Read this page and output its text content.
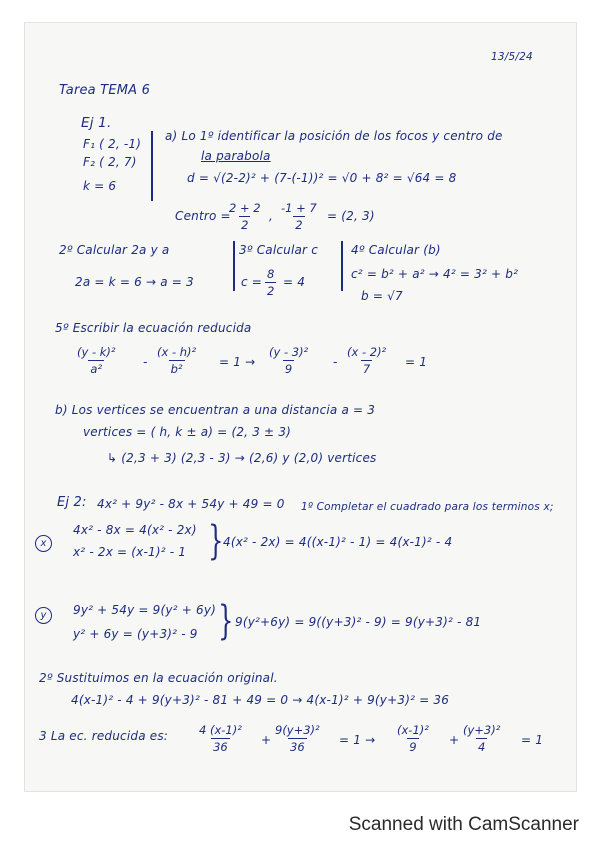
13/5/24
Tarea TEMA 6
Ej 1.
F₁ ( 2, -1)
F₂ ( 2, 7)
k = 6
a) Lo 1º identificar la posición de los focos y centro de
la parabola
d = √(2-2)² + (7-(-1))² = √0 + 8² = √64 = 8
Centro =
$\frac{2 + 2}{2}$ , $\frac{-1 + 7}{2} = (2$, 3)
2º Calcular 2a y a
2a = k = 6 → a = 3
3º Calcular c
$c = \frac{8}{2} = 4$
4º Calcular (b)
c² = b² + a² → 4² = 3² + b²
b = √7
5º Escribir la ecuación reducida
$\frac{\text{(y - k)²}}{\text{a²}} - \frac{\text{(x - h)²}}{\text{b²}} = 1 \to \frac{\text{(y - 3)²}}{9} - \frac{\text{(x - 2)²}}{7} = 1$
b) Los vertices se encuentran a una distancia a = 3
vertices = ( h, k ± a) = (2, 3 ± 3)
↳ (2,3 + 3) (2,3 - 3) → (2,6) y (2,0) vertices
Ej 2: 4x² + 9y² - 8x + 54y + 49 = 0 1º Completar el cuadrado para los terminos x;
x
4x² - 8x = 4(x² - 2x)
x² - 2x = (x-1)² - 1 } 4(x² - 2x) = 4((x-1)² - 1) = 4(x-1)² - 4
y	9y² + 54y = 9(y² + 6y)
y² + 6y = (y+3)² - 9 } 9(y²+6y) = 9((y+3)² - 9) = 9(y+3)² - 81
2º Sustituimos en la ecuación original.
4(x-1)² - 4 + 9(y+3)² - 81 + 49 = 0 → 4(x-1)² + 9(y+3)² = 36
3 La ec. reducida es:	$\frac{\text{4 (x-1)²}}{36} + \frac{\text{9(y+3)²}}{36} = 1 \to \frac{\text{(x-1)²}}{9} + \frac{\text{(y+3)²}}{4} = 1$
Scanned with CamScanner
